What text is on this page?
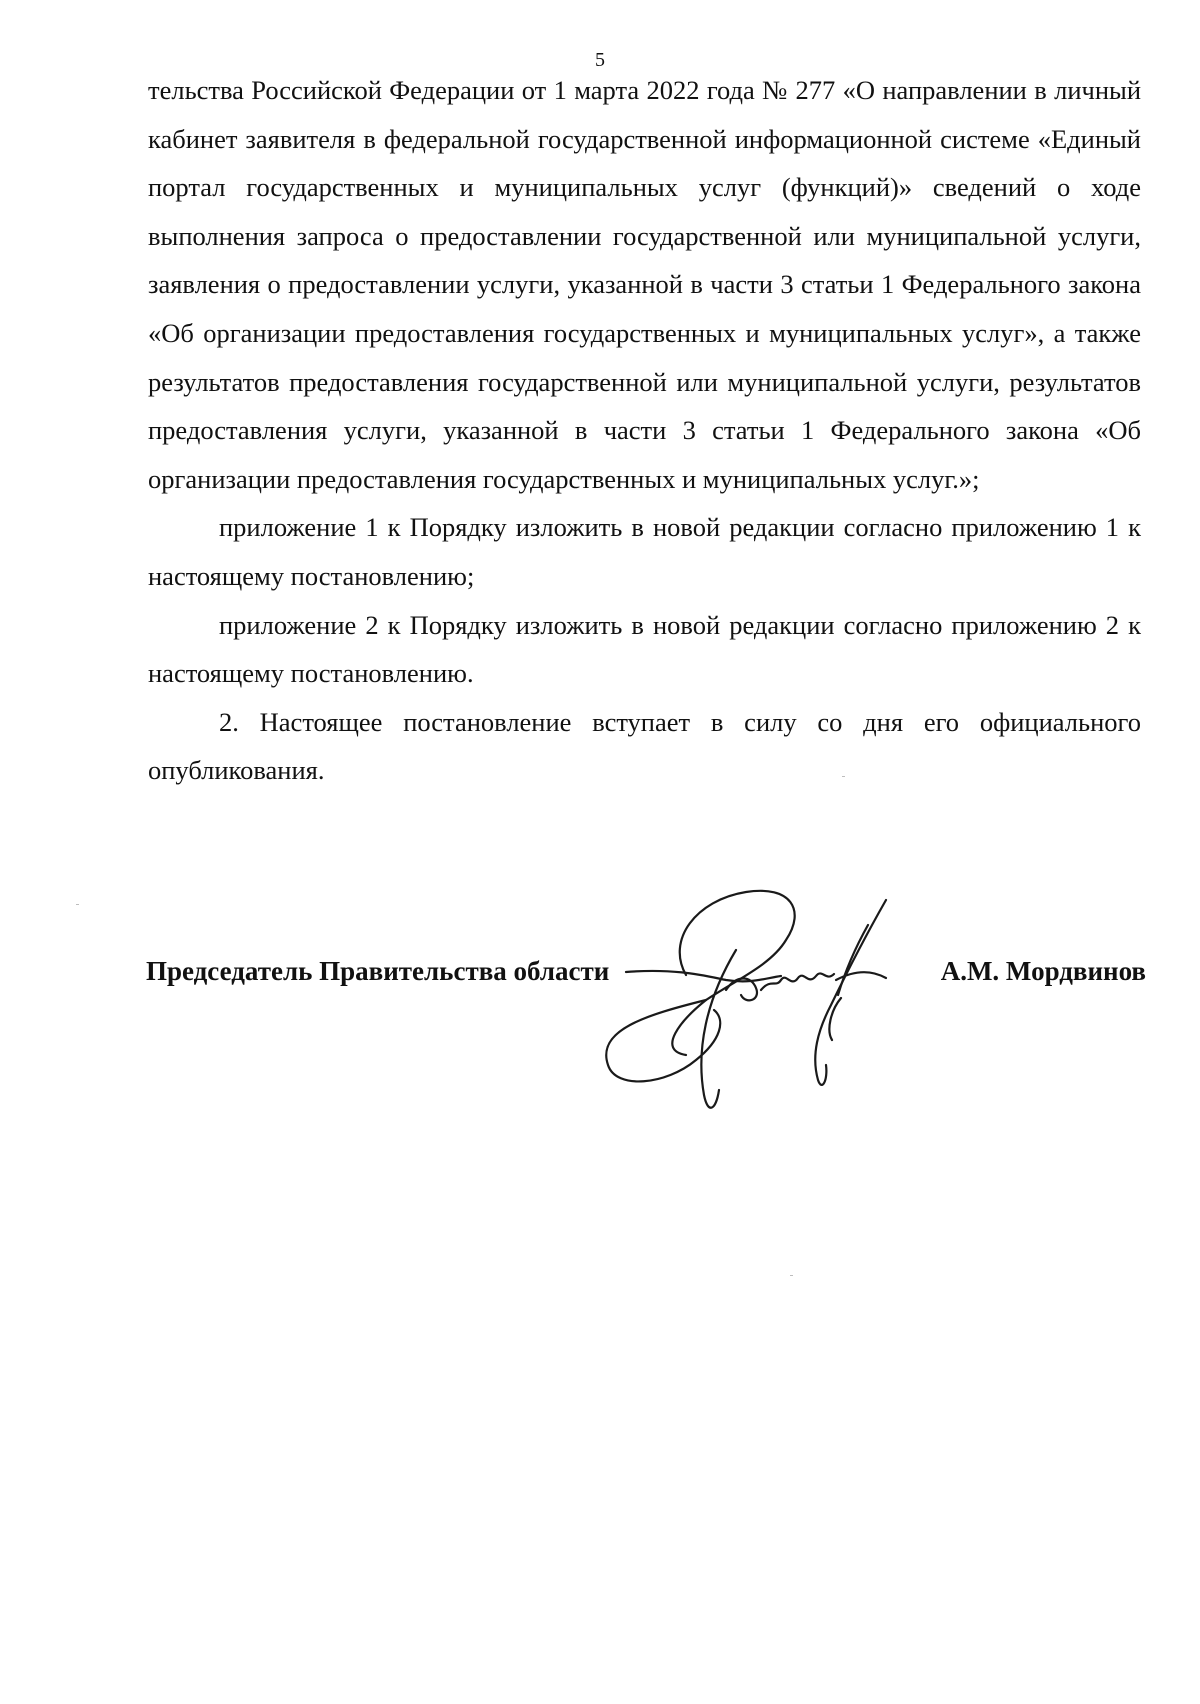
5

тельства Российской Федерации от 1 марта 2022 года № 277 «О направлении в личный кабинет заявителя в федеральной государственной информационной системе «Единый портал государственных и муниципальных услуг (функций)» сведений о ходе выполнения запроса о предоставлении государственной или муниципальной услуги, заявления о предоставлении услуги, указанной в части 3 статьи 1 Федерального закона «Об организации предоставления государственных и муниципальных услуг», а также результатов предоставления государственной или муниципальной услуги, результатов предоставления услуги, указанной в части 3 статьи 1 Федерального закона «Об организации предоставления государственных и муниципальных услуг.»;

приложение 1 к Порядку изложить в новой редакции согласно приложению 1 к настоящему постановлению;

приложение 2 к Порядку изложить в новой редакции согласно приложению 2 к настоящему постановлению.

2. Настоящее постановление вступает в силу со дня его официального опубликования.

Председатель Правительства области	А.М. Мордвинов
